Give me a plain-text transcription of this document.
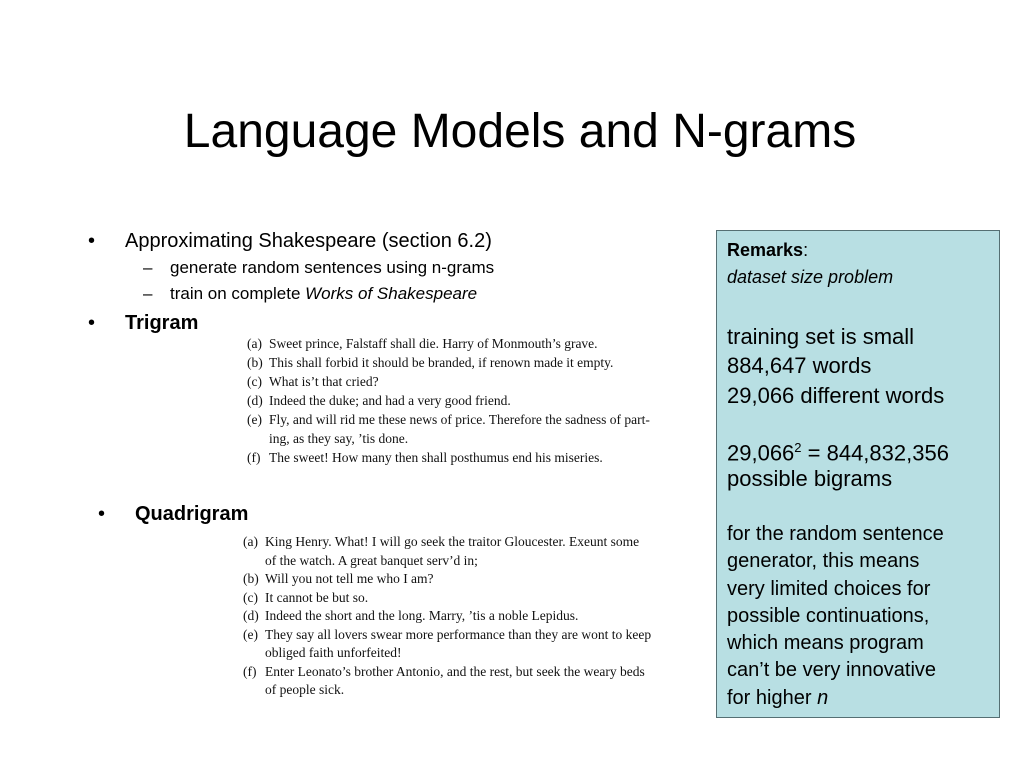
Language Models and N-grams
• Approximating Shakespeare (section 6.2)
– generate random sentences using n-grams
– train on complete Works of Shakespeare
• Trigram
(a) Sweet prince, Falstaff shall die. Harry of Monmouth’s grave.
(b) This shall forbid it should be branded, if renown made it empty.
(c) What is’t that cried?
(d) Indeed the duke; and had a very good friend.
(e) Fly, and will rid me these news of price. Therefore the sadness of part-
ing, as they say, ’tis done.
(f) The sweet! How many then shall posthumus end his miseries.
• Quadrigram
(a) King Henry. What! I will go seek the traitor Gloucester. Exeunt some
of the watch. A great banquet serv’d in;
(b) Will you not tell me who I am?
(c) It cannot be but so.
(d) Indeed the short and the long. Marry, ’tis a noble Lepidus.
(e) They say all lovers swear more performance than they are wont to keep
obliged faith unforfeited!
(f) Enter Leonato’s brother Antonio, and the rest, but seek the weary beds
of people sick.
Remarks:
dataset size problem
training set is small
884,647 words
29,066 different words
$29,066^2 = 844,832,356$
possible bigrams
for the random sentence
generator, this means
very limited choices for
possible continuations,
which means program
can’t be very innovative
for higher n
